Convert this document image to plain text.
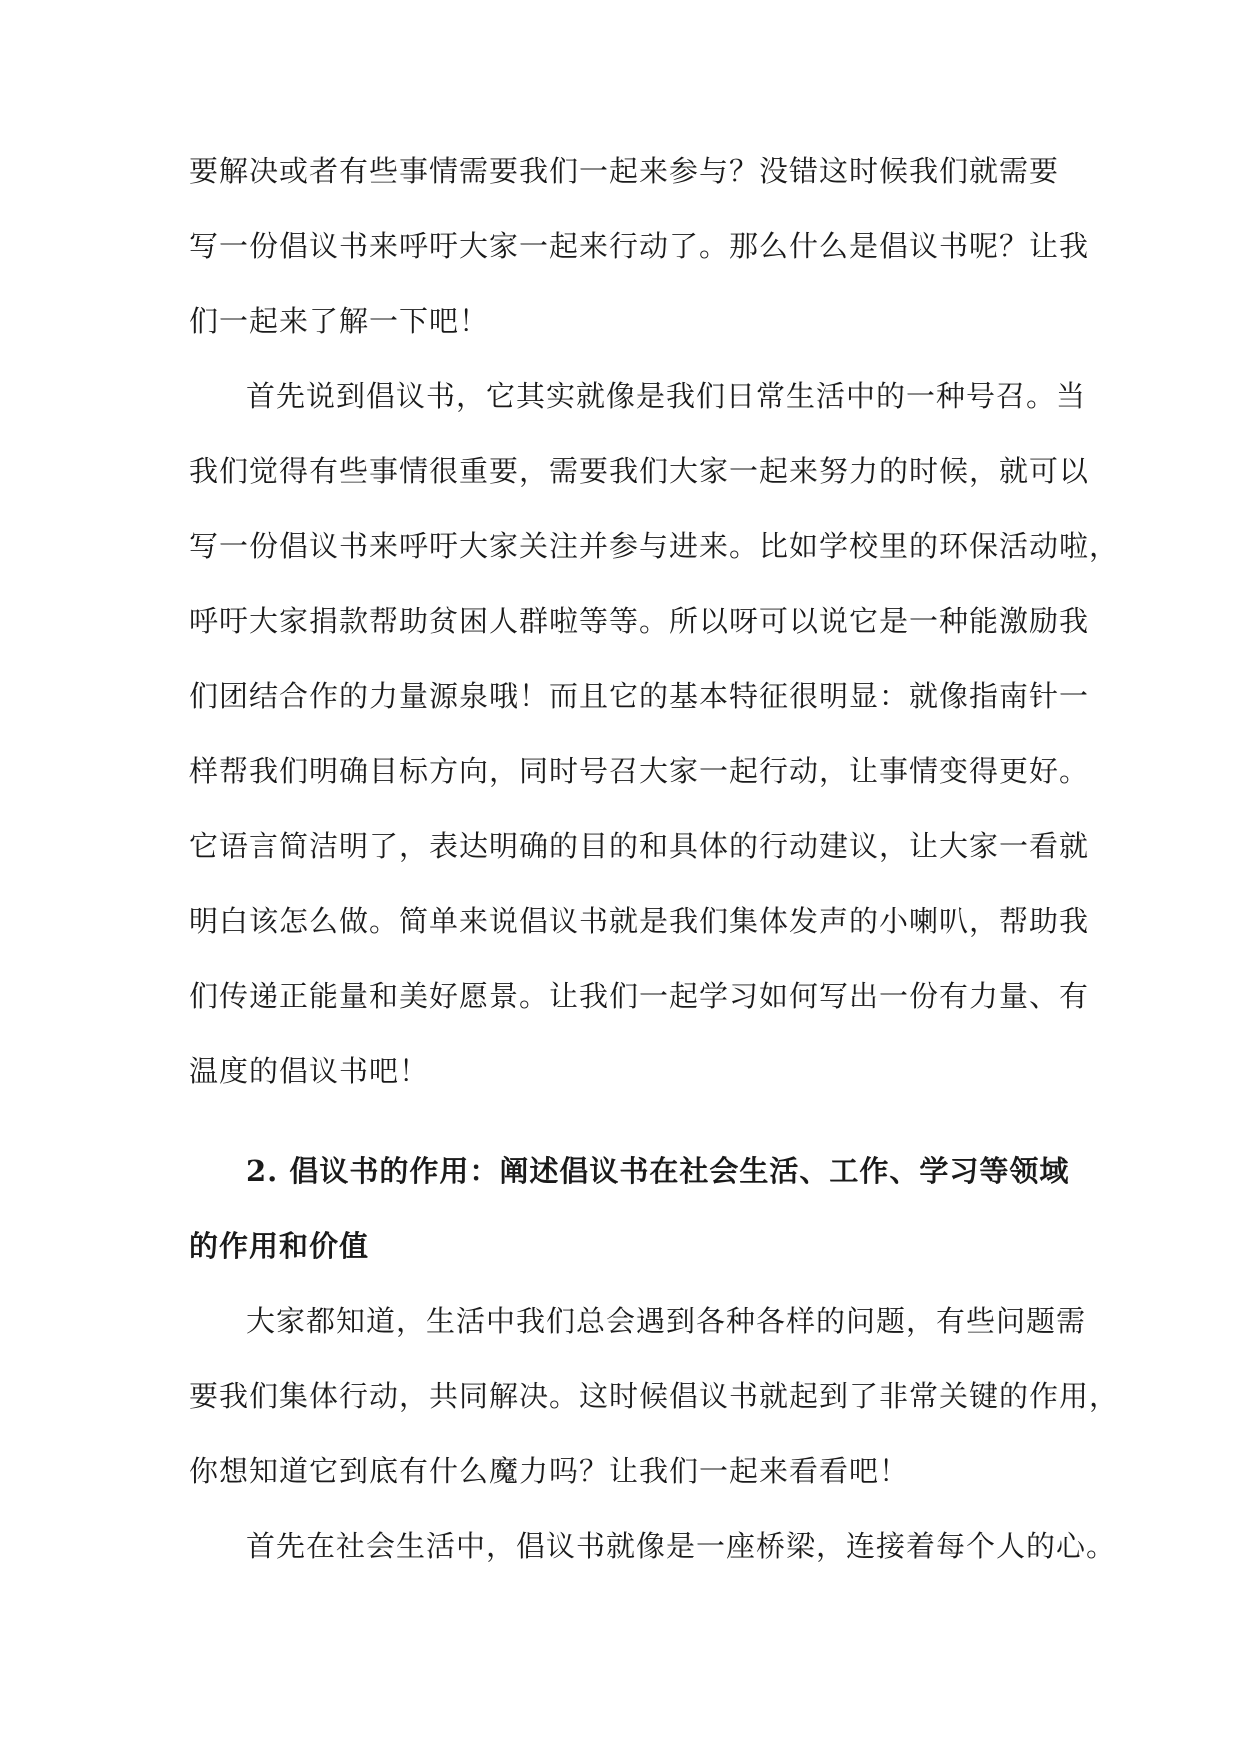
要解决或者有些事情需要我们一起来参与？没错这时候我们就需要
写一份倡议书来呼吁大家一起来行动了。那么什么是倡议书呢？让我
们一起来了解一下吧！
首先说到倡议书，它其实就像是我们日常生活中的一种号召。当
我们觉得有些事情很重要，需要我们大家一起来努力的时候，就可以
写一份倡议书来呼吁大家关注并参与进来。比如学校里的环保活动啦，
呼吁大家捐款帮助贫困人群啦等等。所以呀可以说它是一种能激励我
们团结合作的力量源泉哦！而且它的基本特征很明显：就像指南针一
样帮我们明确目标方向，同时号召大家一起行动，让事情变得更好。
它语言简洁明了，表达明确的目的和具体的行动建议，让大家一看就
明白该怎么做。简单来说倡议书就是我们集体发声的小喇叭，帮助我
们传递正能量和美好愿景。让我们一起学习如何写出一份有力量、有
温度的倡议书吧！
2. 倡议书的作用：阐述倡议书在社会生活、工作、学习等领域
的作用和价值
大家都知道，生活中我们总会遇到各种各样的问题，有些问题需
要我们集体行动，共同解决。这时候倡议书就起到了非常关键的作用，
你想知道它到底有什么魔力吗？让我们一起来看看吧！
首先在社会生活中，倡议书就像是一座桥梁，连接着每个人的心。
